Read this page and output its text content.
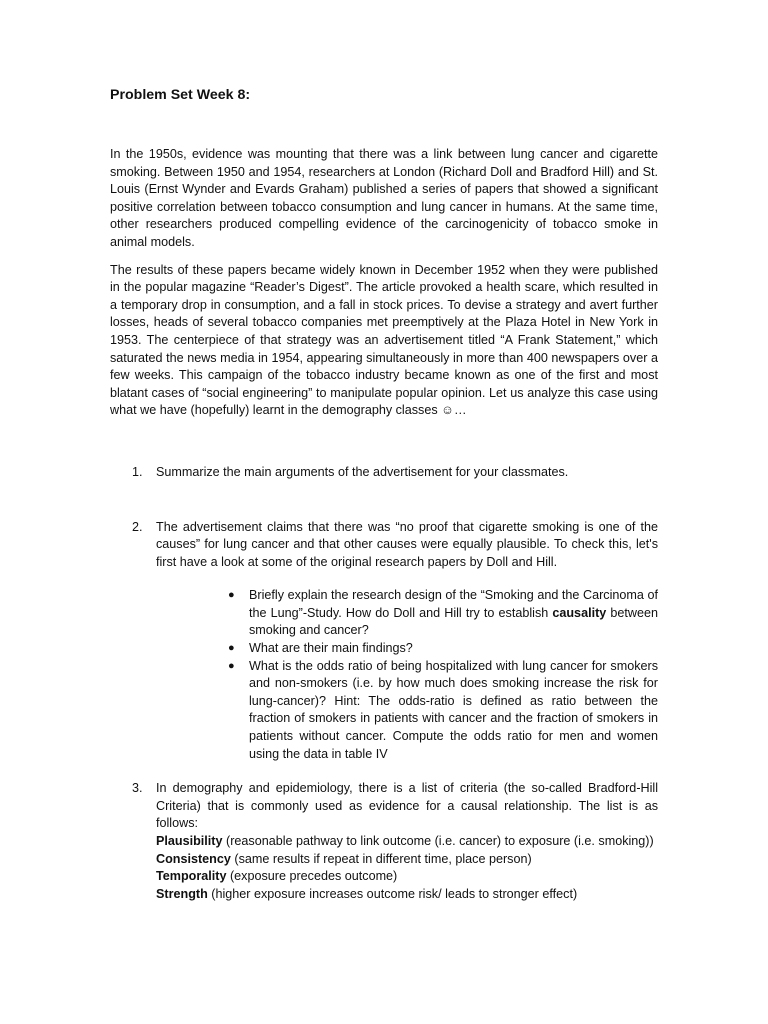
Problem Set Week 8:

In the 1950s, evidence was mounting that there was a link between lung cancer and cigarette smoking. Between 1950 and 1954, researchers at London (Richard Doll and Bradford Hill) and St. Louis (Ernst Wynder and Evards Graham) published a series of papers that showed a significant positive correlation between tobacco consumption and lung cancer in humans. At the same time, other researchers produced compelling evidence of the carcinogenicity of tobacco smoke in animal models.

The results of these papers became widely known in December 1952 when they were published in the popular magazine “Reader’s Digest”. The article provoked a health scare, which resulted in a temporary drop in consumption, and a fall in stock prices. To devise a strategy and avert further losses, heads of several tobacco companies met preemptively at the Plaza Hotel in New York in 1953. The centerpiece of that strategy was an advertisement titled “A Frank Statement,” which saturated the news media in 1954, appearing simultaneously in more than 400 newspapers over a few weeks. This campaign of the tobacco industry became known as one of the first and most blatant cases of “social engineering” to manipulate popular opinion. Let us analyze this case using what we have (hopefully) learnt in the demography classes ☺…

1. Summarize the main arguments of the advertisement for your classmates.
2. The advertisement claims that there was “no proof that cigarette smoking is one of the causes” for lung cancer and that other causes were equally plausible. To check this, let's first have a look at some of the original research papers by Doll and Hill.
● Briefly explain the research design of the “Smoking and the Carcinoma of the Lung”-Study. How do Doll and Hill try to establish causality between smoking and cancer?
● What are their main findings?
● What is the odds ratio of being hospitalized with lung cancer for smokers and non-smokers (i.e. by how much does smoking increase the risk for lung-cancer)? Hint: The odds-ratio is defined as ratio between the fraction of smokers in patients with cancer and the fraction of smokers in patients without cancer. Compute the odds ratio for men and women using the data in table IV
3. In demography and epidemiology, there is a list of criteria (the so-called Bradford-Hill Criteria) that is commonly used as evidence for a causal relationship. The list is as follows:
Plausibility (reasonable pathway to link outcome (i.e. cancer) to exposure (i.e. smoking))
Consistency (same results if repeat in different time, place person)
Temporality (exposure precedes outcome)
Strength (higher exposure increases outcome risk/ leads to stronger effect)
